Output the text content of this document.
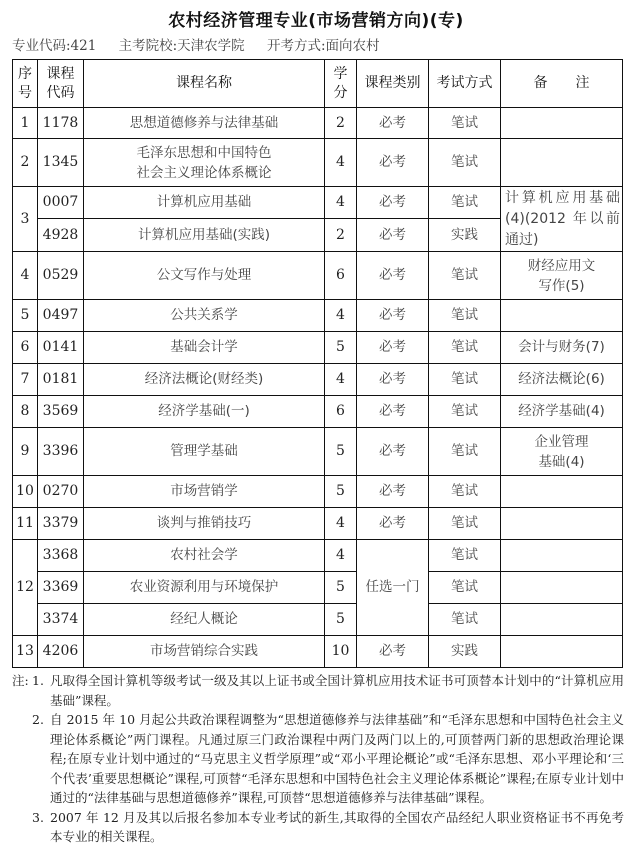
农村经济管理专业(市场营销方向)(专)
专业代码:421 主考院校:天津农学院 开考方式:面向农村
序号	课程代码	课程名称	学分	课程类别	考试方式	备　　注
1	1178	思想道德修养与法律基础	2	必考	笔试	
2	1345	毛泽东思想和中国特色
社会主义理论体系概论	4	必考	笔试	
3	0007	计算机应用基础	4	必考	笔试	计算机应用基础(4)(2012 年以前通过)
	4928	计算机应用基础(实践)	2	必考	实践	
4	0529	公文写作与处理	6	必考	笔试	财经应用文
写作(5)

5	0497	公共关系学	4	必考	笔试	
6	0141	基础会计学	5	必考	笔试	会计与财务(7)
7	0181	经济法概论(财经类)	4	必考	笔试	经济法概论(6)
8	3569	经济学基础(一)	6	必考	笔试	经济学基础(4)
9	3396	管理学基础	5	必考	笔试	企业管理
基础(4)

10	0270	市场营销学	5	必考	笔试	
11	3379	谈判与推销技巧	4	必考	笔试	
12	3368	农村社会学	4	任选一门	笔试	
	3369	农业资源利用与环境保护	5		笔试	
	3374	经纪人概论	5		笔试	
13	4206	市场营销综合实践	10	必考	实践	
注: 1. 凡取得全国计算机等级考试一级及其以上证书或全国计算机应用技术证书可顶替本计划中的“计算机应用基础”课程。
2. 自 2015 年 10 月起公共政治课程调整为“思想道德修养与法律基础”和“毛泽东思想和中国特色社会主义理论体系概论”两门课程。凡通过原三门政治课程中两门及两门以上的,可顶替两门新的思想政治理论课程;在原专业计划中通过的“马克思主义哲学原理”或“邓小平理论概论”或“毛泽东思想、邓小平理论和‘三个代表’重要思想概论”课程,可顶替“毛泽东思想和中国特色社会主义理论体系概论”课程;在原专业计划中通过的“法律基础与思想道德修养”课程,可顶替“思想道德修养与法律基础”课程。
3. 2007 年 12 月及其以后报名参加本专业考试的新生,其取得的全国农产品经纪人职业资格证书不再免考本专业的相关课程。
